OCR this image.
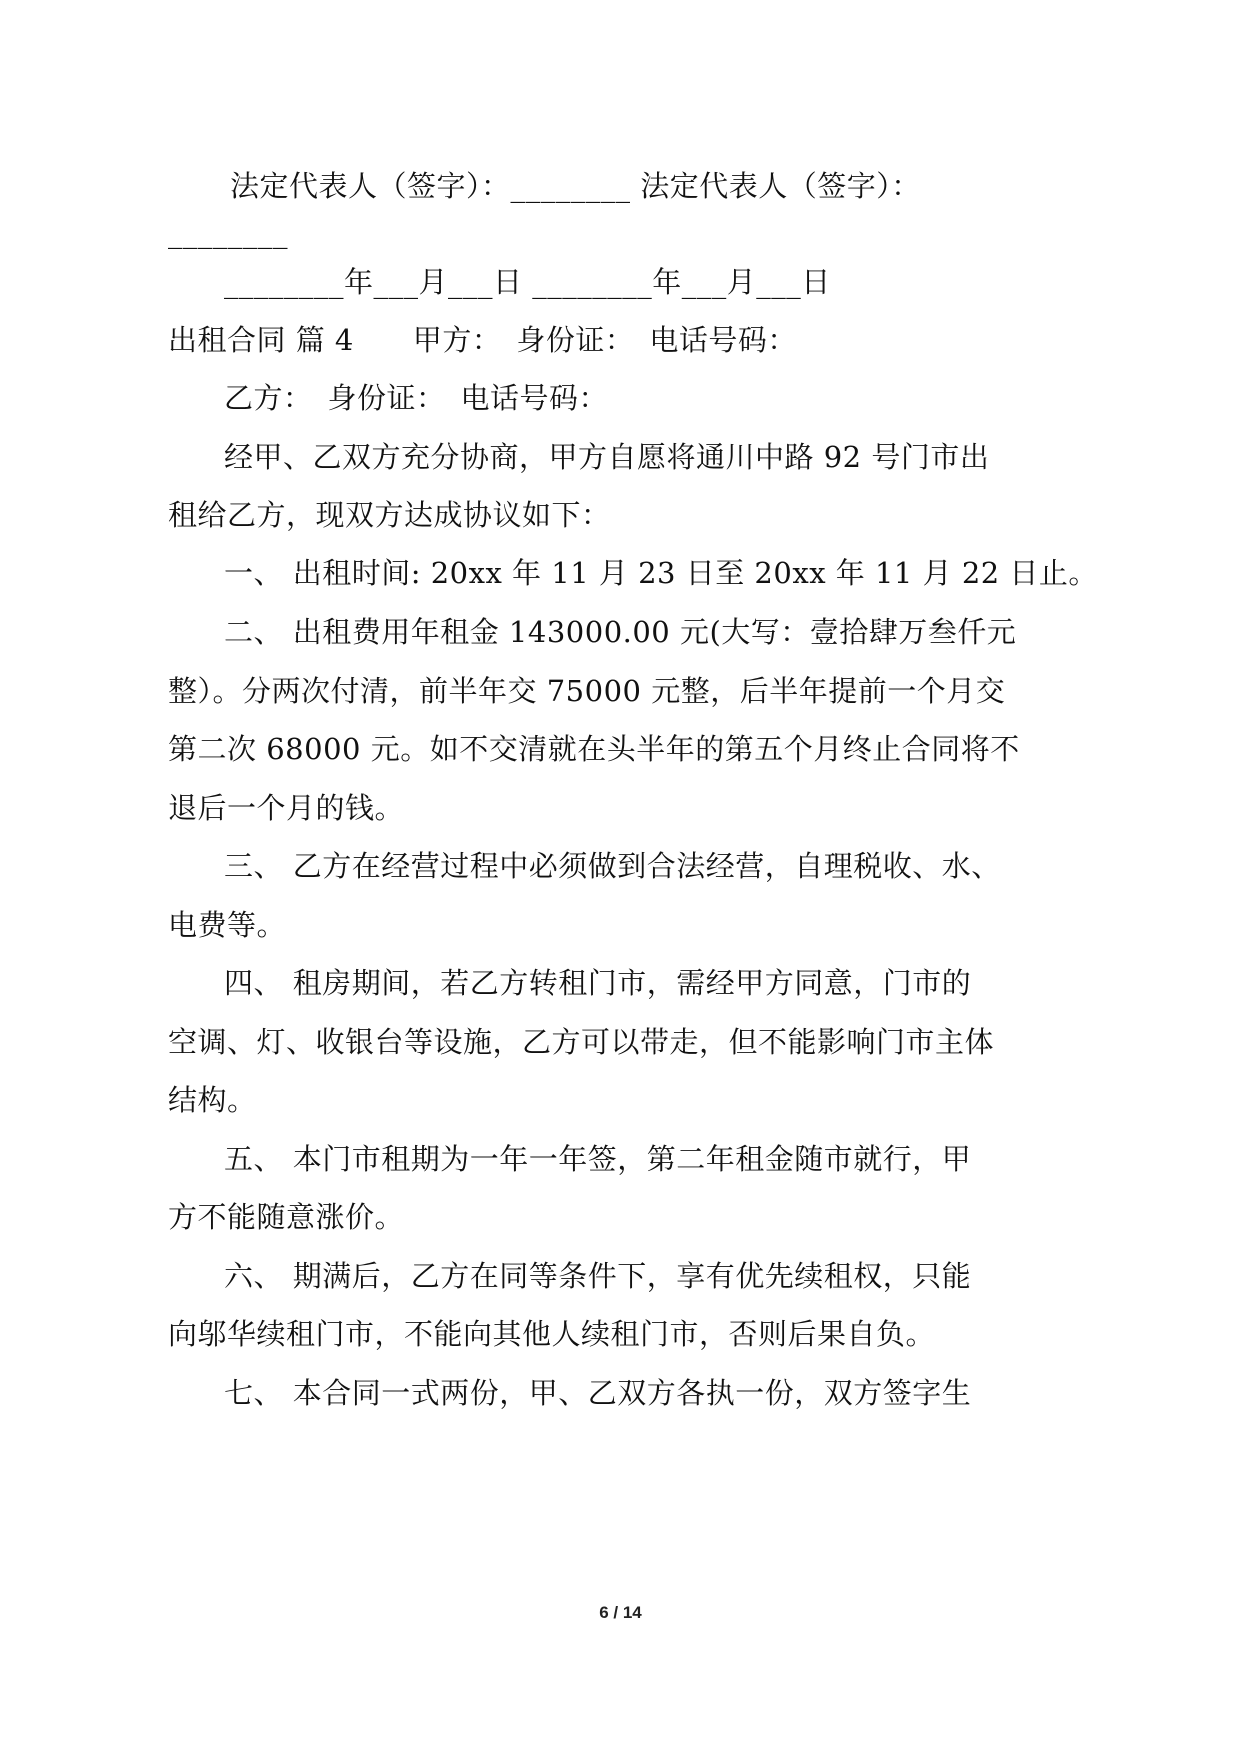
法定代表人（签字）：________ 法定代表人（签字）：
________
________年___月___日 ________年___月___日
出租合同 篇 4　　甲方：　身份证：　电话号码：
乙方：　身份证：　电话号码：
经甲、乙双方充分协商，甲方自愿将通川中路 92 号门市出
租给乙方，现双方达成协议如下：
一、 出租时间: 20xx 年 11 月 23 日至 20xx 年 11 月 22 日止。
二、 出租费用年租金 143000.00 元(大写：壹拾肆万叁仟元
整）。分两次付清，前半年交 75000 元整，后半年提前一个月交
第二次 68000 元。如不交清就在头半年的第五个月终止合同将不
退后一个月的钱。
三、 乙方在经营过程中必须做到合法经营，自理税收、水、
电费等。
四、 租房期间，若乙方转租门市，需经甲方同意，门市的
空调、灯、收银台等设施，乙方可以带走，但不能影响门市主体
结构。
五、 本门市租期为一年一年签，第二年租金随市就行，甲
方不能随意涨价。
六、 期满后，乙方在同等条件下，享有优先续租权，只能
向邬华续租门市，不能向其他人续租门市，否则后果自负。
七、 本合同一式两份，甲、乙双方各执一份，双方签字生
6 / 14
